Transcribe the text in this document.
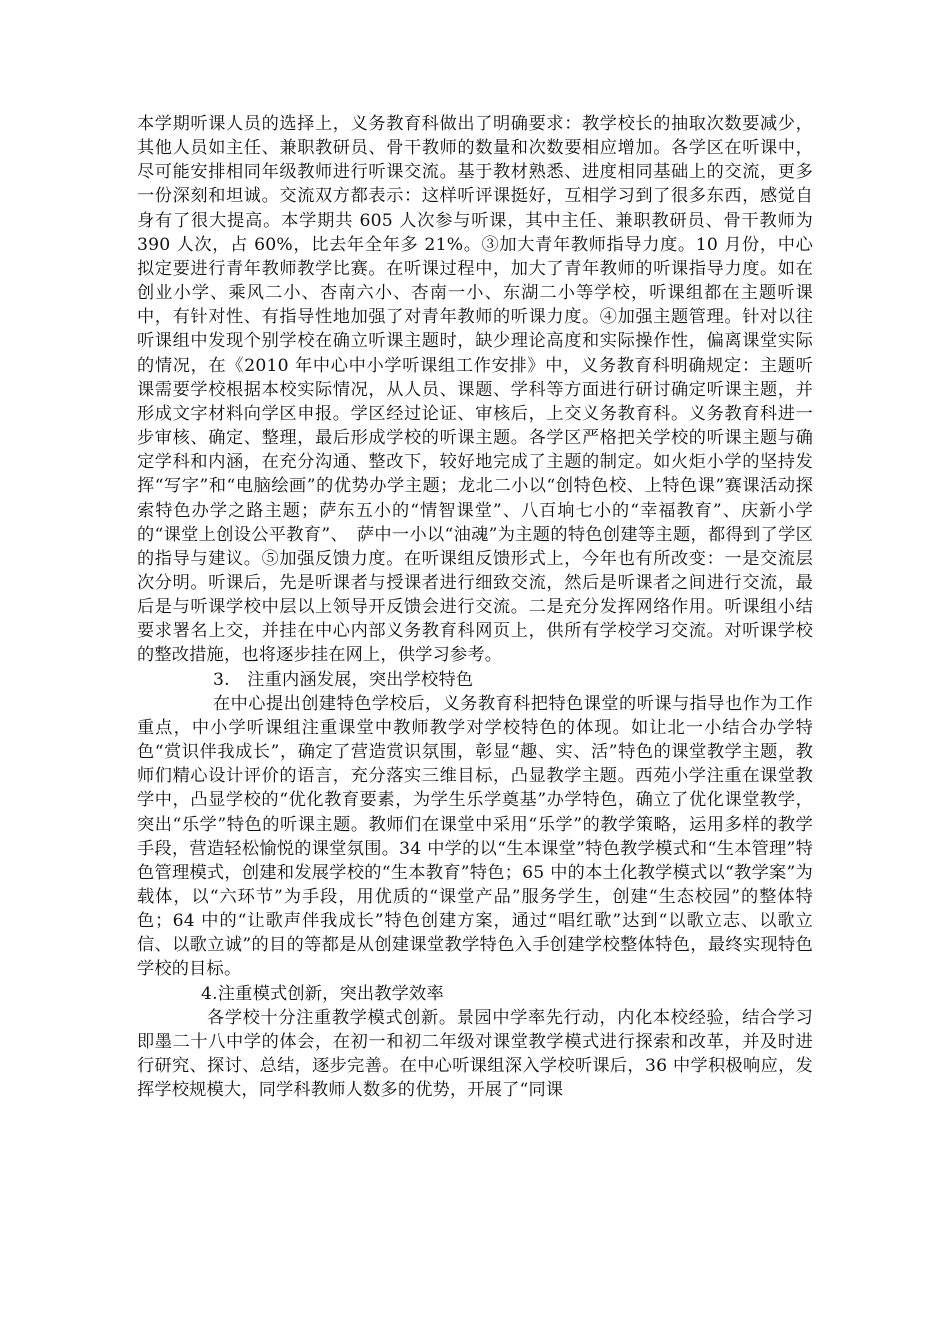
本学期听课人员的选择上，义务教育科做出了明确要求：教学校长的抽取次数要减少，其他人员如主任、兼职教研员、骨干教师的数量和次数要相应增加。各学区在听课中，尽可能安排相同年级教师进行听课交流。基于教材熟悉、进度相同基础上的交流，更多一份深刻和坦诚。交流双方都表示：这样听评课挺好，互相学习到了很多东西，感觉自身有了很大提高。本学期共 605 人次参与听课，其中主任、兼职教研员、骨干教师为 390 人次，占 60%，比去年全年多 21%。③加大青年教师指导力度。10 月份，中心拟定要进行青年教师教学比赛。在听课过程中，加大了青年教师的听课指导力度。如在创业小学、乘风二小、杏南六小、杏南一小、东湖二小等学校，听课组都在主题听课中，有针对性、有指导性地加强了对青年教师的听课力度。④加强主题管理。针对以往听课组中发现个别学校在确立听课主题时，缺少理论高度和实际操作性，偏离课堂实际的情况，在《2010 年中心中小学听课组工作安排》中，义务教育科明确规定：主题听课需要学校根据本校实际情况，从人员、课题、学科等方面进行研讨确定听课主题，并形成文字材料向学区申报。学区经过论证、审核后，上交义务教育科。义务教育科进一步审核、确定、整理，最后形成学校的听课主题。各学区严格把关学校的听课主题与确定学科和内涵，在充分沟通、整改下，较好地完成了主题的制定。如火炬小学的坚持发挥“写字”和“电脑绘画”的优势办学主题；龙北二小以“创特色校、上特色课”赛课活动探索特色办学之路主题；萨东五小的“情智课堂”、八百垧七小的“幸福教育”、庆新小学的“课堂上创设公平教育”、　萨中一小以“油魂”为主题的特色创建等主题，都得到了学区的指导与建议。⑤加强反馈力度。在听课组反馈形式上，今年也有所改变：一是交流层次分明。听课后，先是听课者与授课者进行细致交流，然后是听课者之间进行交流，最后是与听课学校中层以上领导开反馈会进行交流。二是充分发挥网络作用。听课组小结要求署名上交，并挂在中心内部义务教育科网页上，供所有学校学习交流。对听课学校的整改措施，也将逐步挂在网上，供学习参考。

3.　注重内涵发展，突出学校特色

在中心提出创建特色学校后，义务教育科把特色课堂的听课与指导也作为工作重点，中小学听课组注重课堂中教师教学对学校特色的体现。如让北一小结合办学特色“赏识伴我成长”，确定了营造赏识氛围，彰显“趣、实、活”特色的课堂教学主题，教师们精心设计评价的语言，充分落实三维目标，凸显教学主题。西苑小学注重在课堂教学中，凸显学校的“优化教育要素，为学生乐学奠基”办学特色，确立了优化课堂教学，突出“乐学”特色的听课主题。教师们在课堂中采用“乐学”的教学策略，运用多样的教学手段，营造轻松愉悦的课堂氛围。34 中学的以“生本课堂”特色教学模式和“生本管理”特色管理模式，创建和发展学校的“生本教育”特色；65 中的本土化教学模式以“教学案”为载体，以“六环节”为手段，用优质的“课堂产品”服务学生，创建“生态校园”的整体特色；64 中的“让歌声伴我成长”特色创建方案，通过“唱红歌”达到“以歌立志、以歌立信、以歌立诚”的目的等都是从创建课堂教学特色入手创建学校整体特色，最终实现特色学校的目标。

4.注重模式创新，突出教学效率

各学校十分注重教学模式创新。景园中学率先行动，内化本校经验，结合学习即墨二十八中学的体会，在初一和初二年级对课堂教学模式进行探索和改革，并及时进行研究、探讨、总结，逐步完善。在中心听课组深入学校听课后，36 中学积极响应，发挥学校规模大，同学科教师人数多的优势，开展了“同课
